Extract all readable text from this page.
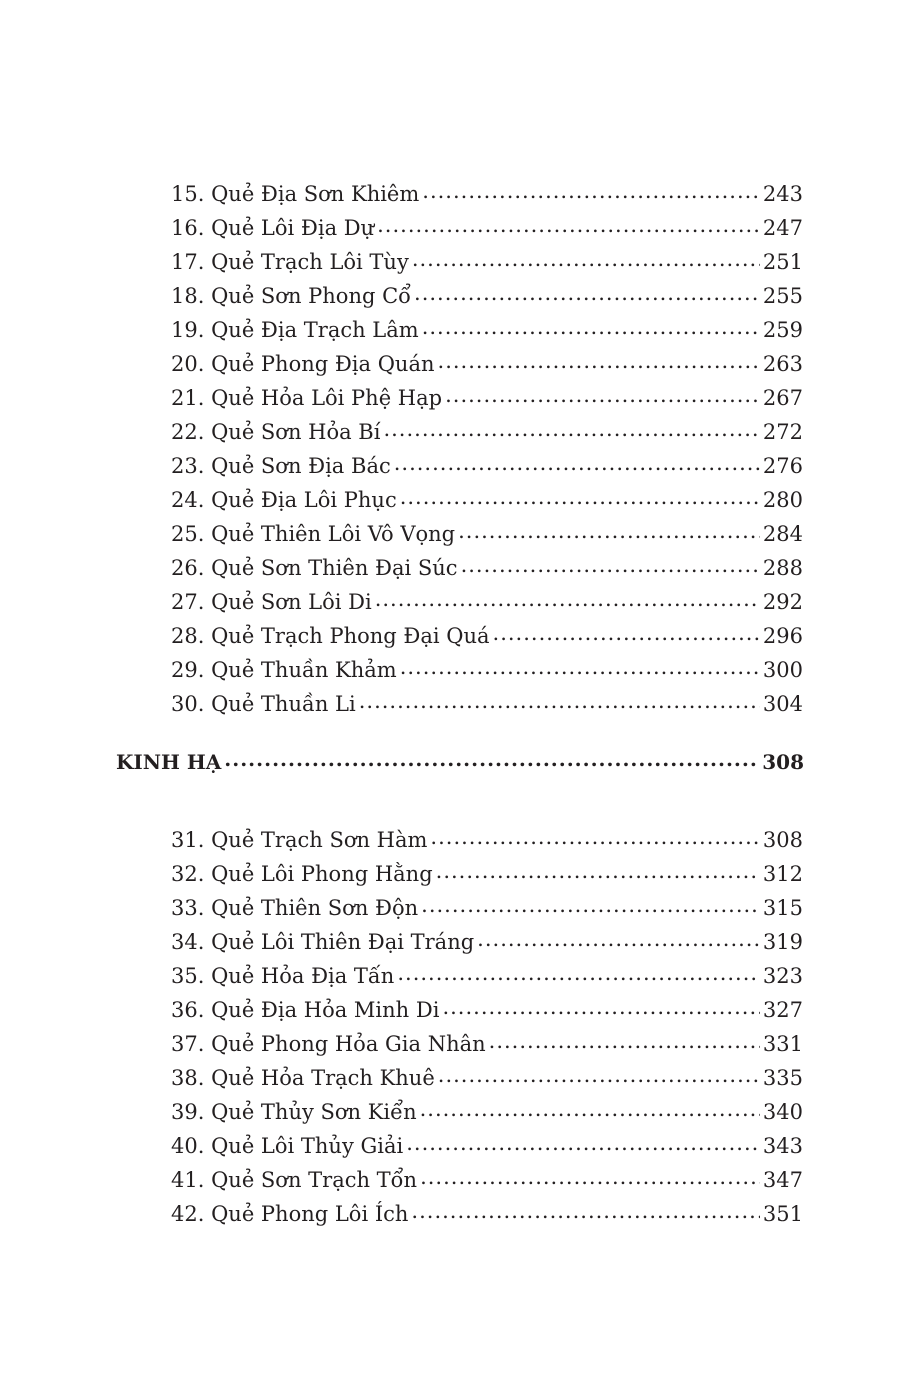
15. Quẻ Địa Sơn Khiêm .....	243
16. Quẻ Lôi Địa Dự .....	247
17. Quẻ Trạch Lôi Tùy .....	251
18. Quẻ Sơn Phong Cổ .....	255
19. Quẻ Địa Trạch Lâm .....	259
20. Quẻ Phong Địa Quán .....	263
21. Quẻ Hỏa Lôi Phệ Hạp .....	267
22. Quẻ Sơn Hỏa Bí .....	272
23. Quẻ Sơn Địa Bác .....	276
24. Quẻ Địa Lôi Phục .....	280
25. Quẻ Thiên Lôi Vô Vọng .....	284
26. Quẻ Sơn Thiên Đại Súc .....	288
27. Quẻ Sơn Lôi Di .....	292
28. Quẻ Trạch Phong Đại Quá .....	296
29. Quẻ Thuần Khảm .....	300
30. Quẻ Thuần Li .....	304
KINH HẠ .....	308
31. Quẻ Trạch Sơn Hàm .....	308
32. Quẻ Lôi Phong Hằng .....	312
33. Quẻ Thiên Sơn Độn .....	315
34. Quẻ Lôi Thiên Đại Tráng .....	319
35. Quẻ Hỏa Địa Tấn .....	323
36. Quẻ Địa Hỏa Minh Di .....	327
37. Quẻ Phong Hỏa Gia Nhân .....	331
38. Quẻ Hỏa Trạch Khuê .....	335
39. Quẻ Thủy Sơn Kiển .....	340
40. Quẻ Lôi Thủy Giải .....	343
41. Quẻ Sơn Trạch Tổn .....	347
42. Quẻ Phong Lôi Ích .....	351
